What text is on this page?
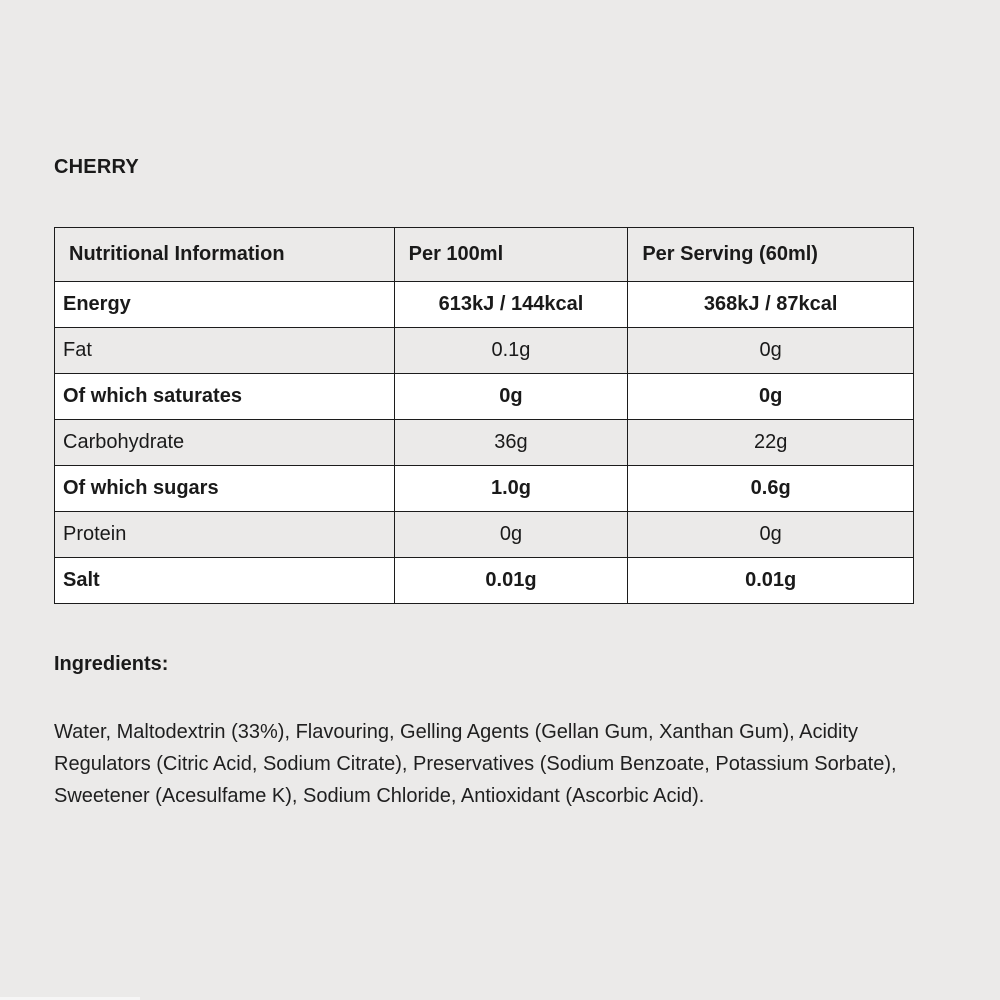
CHERRY
Nutritional Information	Per 100ml	Per Serving (60ml)
Energy	613kJ / 144kcal	368kJ / 87kcal
Fat	0.1g	0g
Of which saturates	0g	0g
Carbohydrate	36g	22g
Of which sugars	1.0g	0.6g
Protein	0g	0g
Salt	0.01g	0.01g
Ingredients:

Water, Maltodextrin (33%), Flavouring, Gelling Agents (Gellan Gum, Xanthan Gum), Acidity Regulators (Citric Acid, Sodium Citrate), Preservatives (Sodium Benzoate, Potassium Sorbate), Sweetener (Acesulfame K), Sodium Chloride, Antioxidant (Ascorbic Acid).
